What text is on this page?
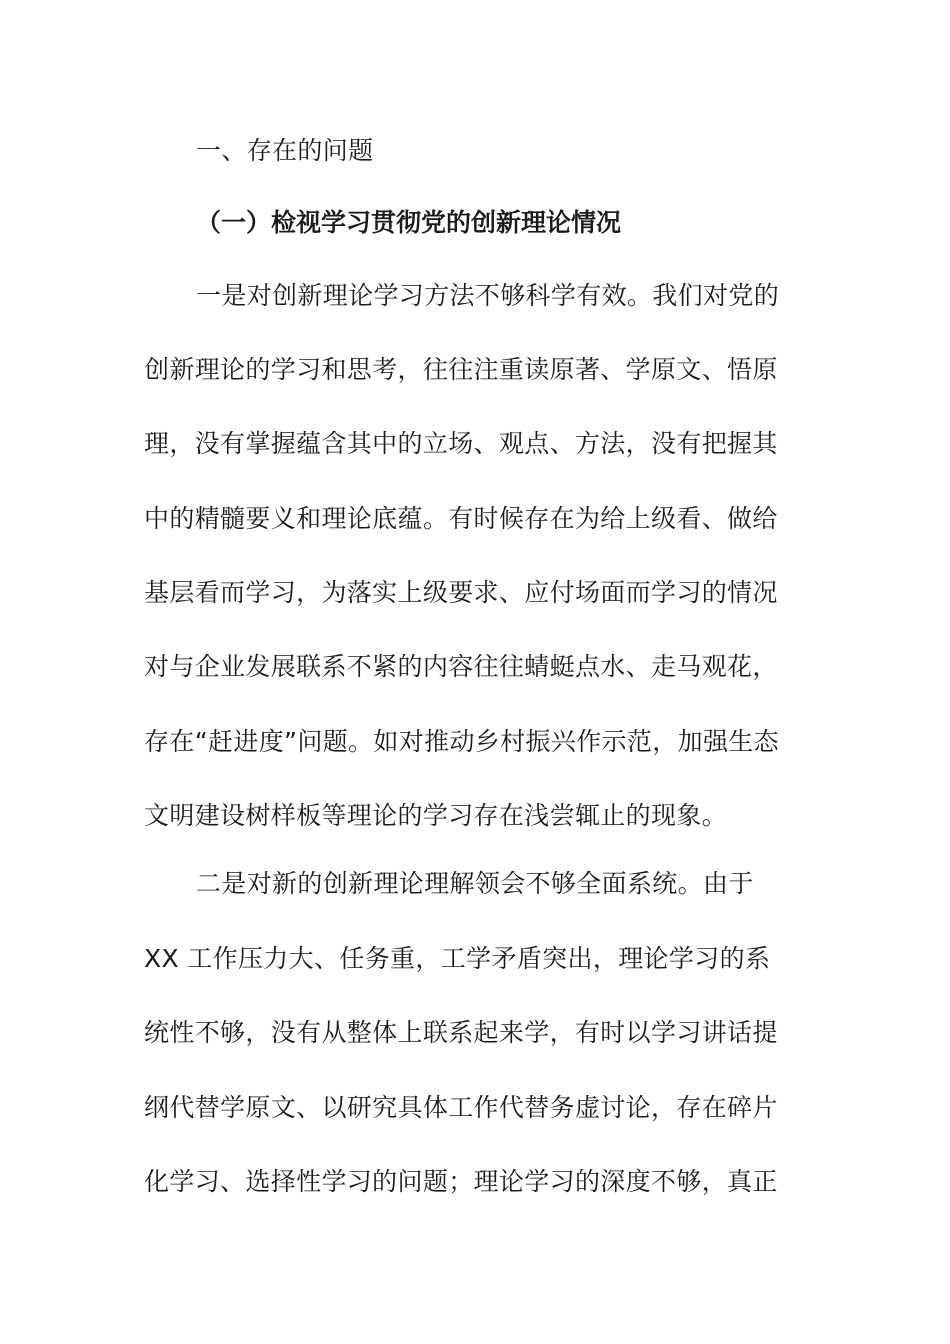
一、存在的问题
（一）检视学习贯彻党的创新理论情况
一是对创新理论学习方法不够科学有效。我们对党的
创新理论的学习和思考，往往注重读原著、学原文、悟原
理，没有掌握蕴含其中的立场、观点、方法，没有把握其
中的精髓要义和理论底蕴。有时候存在为给上级看、做给
基层看而学习，为落实上级要求、应付场面而学习的情况
对与企业发展联系不紧的内容往往蜻蜓点水、走马观花，
存在“赶进度”问题。如对推动乡村振兴作示范，加强生态
文明建设树样板等理论的学习存在浅尝辄止的现象。
二是对新的创新理论理解领会不够全面系统。由于
XX 工作压力大、任务重，工学矛盾突出，理论学习的系
统性不够，没有从整体上联系起来学，有时以学习讲话提
纲代替学原文、以研究具体工作代替务虚讨论，存在碎片
化学习、选择性学习的问题；理论学习的深度不够，真正
